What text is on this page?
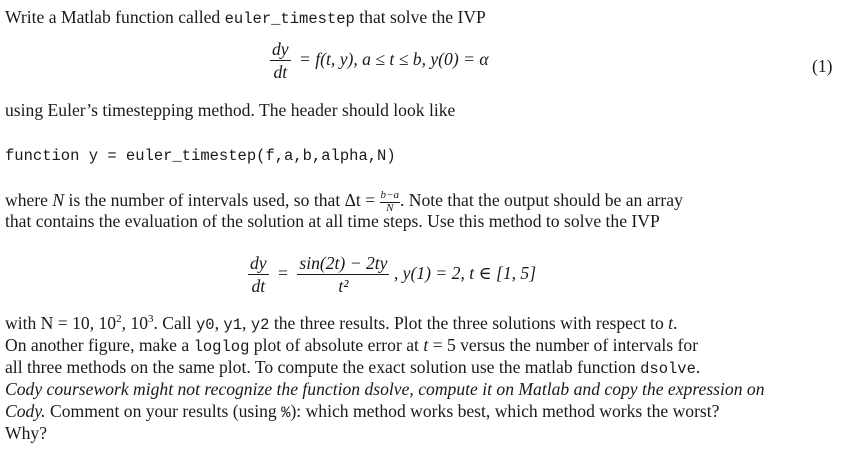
Write a Matlab function called euler_timestep that solve the IVP
$\frac{dy}{dt} = f(t$, y), a ≤ t ≤ b, y(0) = α	(1)
using Euler’s timestepping method. The header should look like
function y = euler_timestep(f,a,b,alpha,N)
where N is the number of intervals used, so that $\Delta t = \frac{b-a}{N}$ . Note that the output should be an array
that contains the evaluation of the solution at all time steps. Use this method to solve the IVP
$\frac{dy}{dt} = \frac{\sin(2t) - 2ty}{\text{t²}}$ , y(1) = 2, t ∈ [1, 5]
with N = 10, $10^2$, $10^3$. Call y0, y1, y2 the three results. Plot the three solutions with respect to t.
On another figure, make a loglog plot of absolute error at t = 5 versus the number of intervals for
all three methods on the same plot. To compute the exact solution use the matlab function dsolve.
Cody coursework might not recognize the function dsolve, compute it on Matlab and copy the expression on
Cody. Comment on your results (using %): which method works best, which method works the worst?
Why?
